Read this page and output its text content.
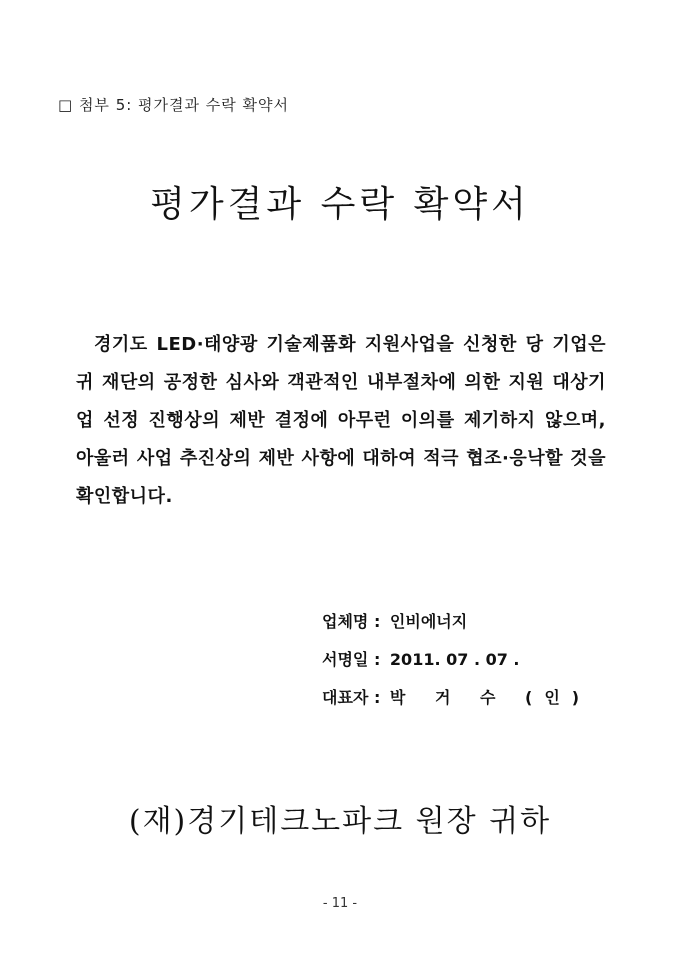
□ 첨부 5: 평가결과 수락 확약서
평가결과 수락 확약서

경기도 LED·태양광 기술제품화 지원사업을 신청한 당 기업은 귀 재단의 공정한 심사와 객관적인 내부절차에 의한 지원 대상기업 선정 진행상의 제반 결정에 아무런 이의를 제기하지 않으며, 아울러 사업 추진상의 제반 사항에 대하여 적극 협조·응낙할 것을 확인합니다.

업체명 : 인비에너지
서명일 : 2011. 07 . 07 .
대표자 : 박 거 수 (인)
(재)경기테크노파크 원장 귀하
- 11 -
